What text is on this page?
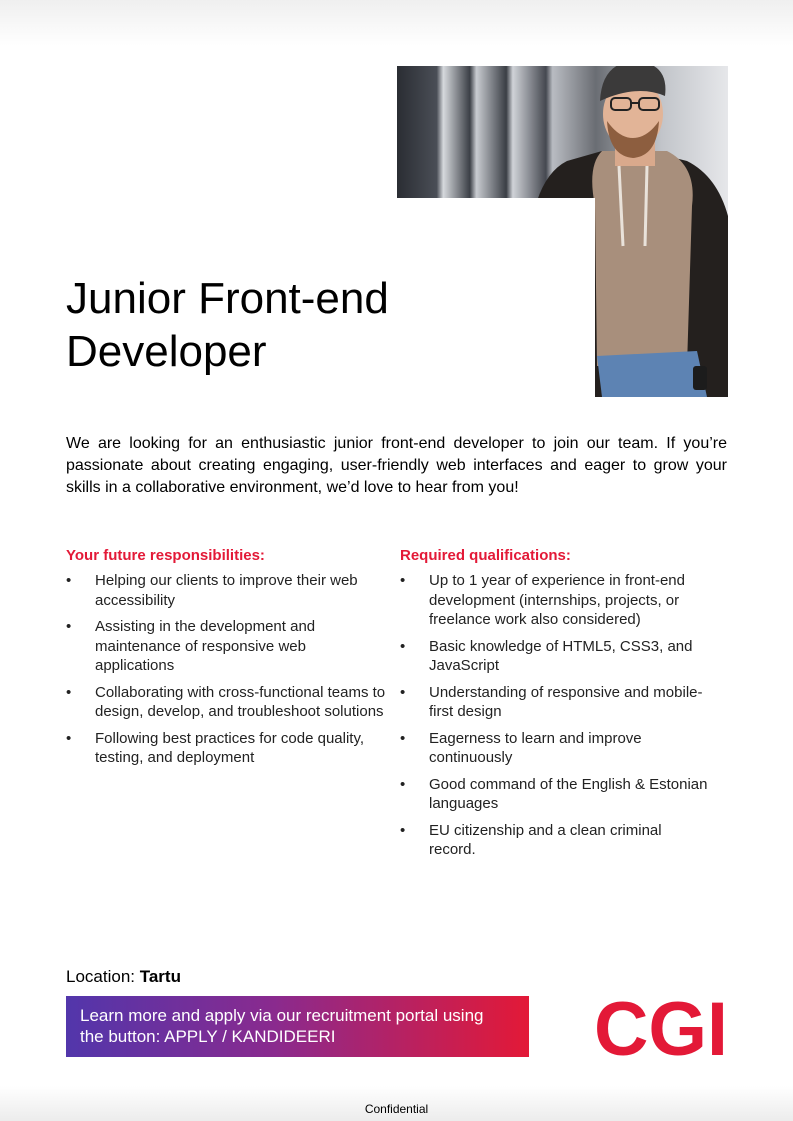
Junior Front-end
Developer

We are looking for an enthusiastic junior front-end developer to join our team. If you’re passionate about creating engaging, user-friendly web interfaces and eager to grow your skills in a collaborative environment, we’d love to hear from you!

Your future responsibilities:
• Helping our clients to improve their web accessibility
• Assisting in the development and maintenance of responsive web applications
• Collaborating with cross-functional teams to design, develop, and troubleshoot solutions
• Following best practices for code quality, testing, and deployment
Required qualifications:
• Up to 1 year of experience in front-end development (internships, projects, or freelance work also considered)
• Basic knowledge of HTML5, CSS3, and JavaScript
• Understanding of responsive and mobile-first design
• Eagerness to learn and improve continuously
• Good command of the English & Estonian languages
• EU citizenship and a clean criminal record.
Location: Tartu
Learn more and apply via our recruitment portal using
the button: APPLY / KANDIDEERI	CGI
Confidential
